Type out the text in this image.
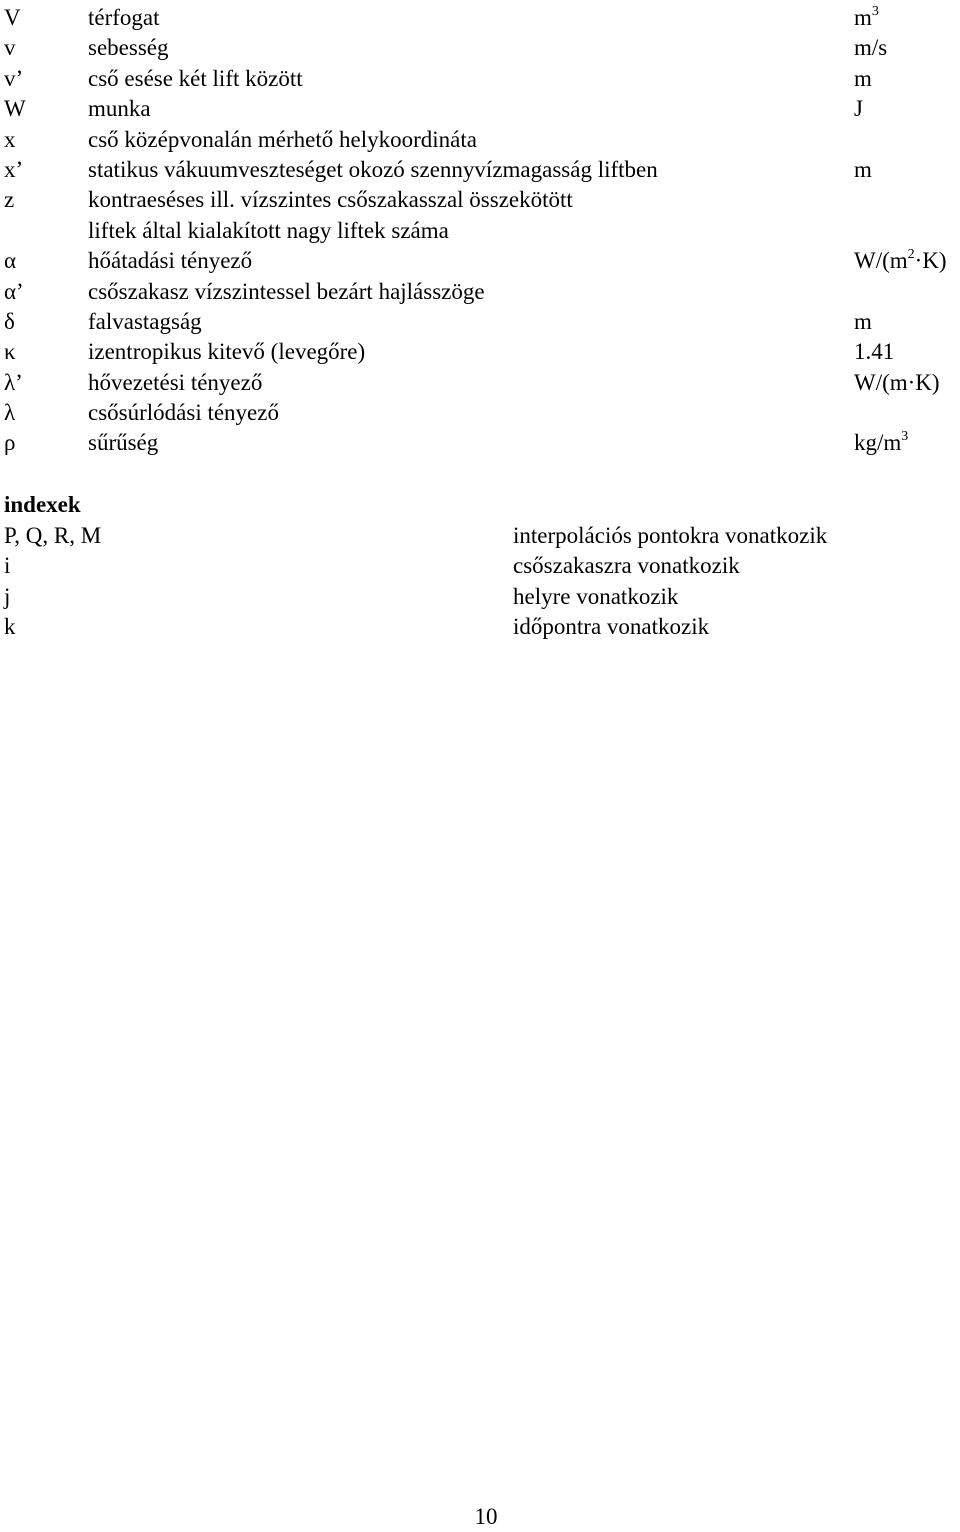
V	térfogat	$m^3$
v	sebesség	m/s
v’	cső esése két lift között	m
W	munka	J
x	cső középvonalán mérhető helykoordináta
x’	statikus vákuumveszteséget okozó szennyvízmagasság liftben	m
z	kontraeséses ill. vízszintes csőszakasszal összekötött
liftek által kialakított nagy liftek száma
α	hőátadási tényező	$W/(m^2\cdot K)$
α’	csőszakasz vízszintessel bezárt hajlásszöge
δ	falvastagság	m
κ	izentropikus kitevő (levegőre)	1.41
λ’	hővezetési tényező	W/(m·K)
λ	csősúrlódási tényező
ρ	sűrűség	$kg/m^3$
indexek
P, Q, R, M	interpolációs pontokra vonatkozik
i	csőszakaszra vonatkozik
j	helyre vonatkozik
k	időpontra vonatkozik
10
